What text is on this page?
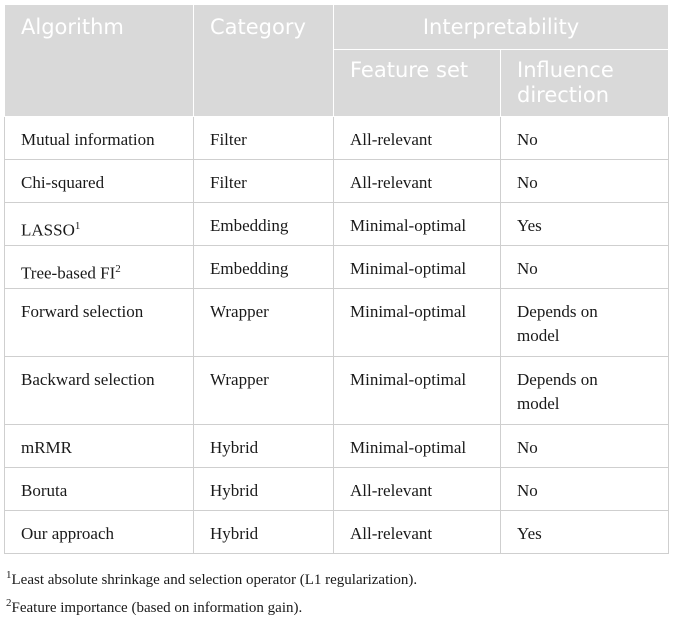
Algorithm	Category	Interpretability	
		Feature set	Influence direction
Mutual information	Filter	All-relevant	No
Chi-squared	Filter	All-relevant	No
LASSO$^1$	Embedding	Minimal-optimal	Yes
Tree-based $FI^2$	Embedding	Minimal-optimal	No
Forward selection	Wrapper	Minimal-optimal	Depends on model
Backward selection	Wrapper	Minimal-optimal	Depends on model
mRMR	Hybrid	Minimal-optimal	No
Boruta	Hybrid	All-relevant	No
Our approach	Hybrid	All-relevant	Yes
$^1$Least absolute shrinkage and selection operator (L1 regularization).
$^2$Feature importance (based on information gain).
